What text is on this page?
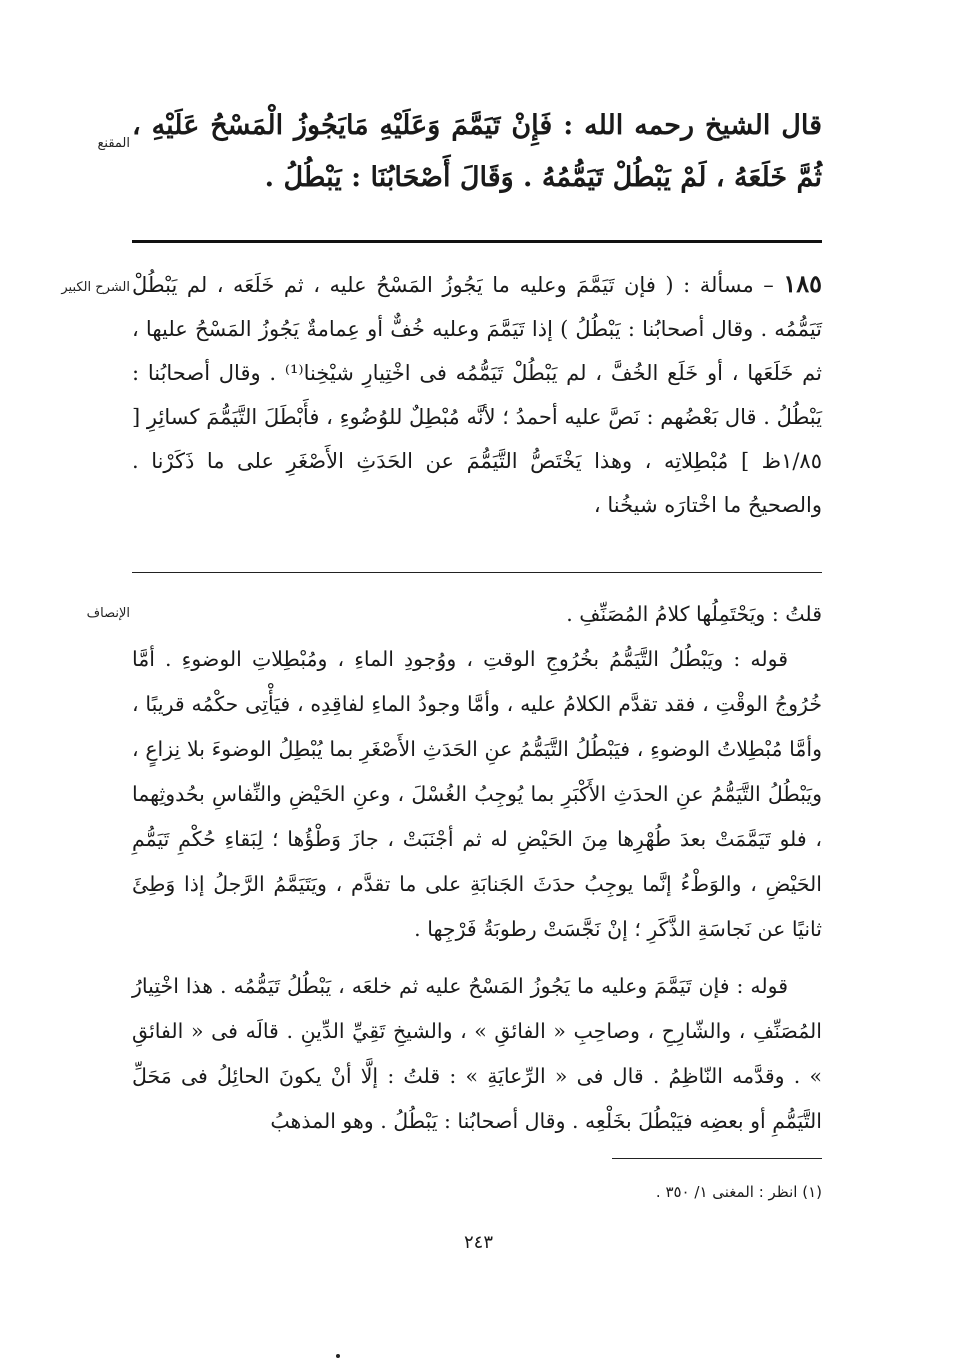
المقنع
قال الشيخ رحمه الله : فَإِنْ تَيَمَّمَ وَعَلَيْهِ مَايَجُوزُ الْمَسْحُ عَلَيْهِ ، ثُمَّ خَلَعَهُ ، لَمْ يَبْطُلْ تَيَمُّمُهُ . وَقَالَ أَصْحَابُنَا : يَبْطُلُ .
الشرح الكبير	١٨٥ – مسألة : ( فإن تَيَمَّمَ وعليه ما يَجُوزُ المَسْحُ عليه ، ثم خَلَعَه ، لم يَبْطُلْ تَيَمُّمُه . وقال أصحابُنا : يَبْطُلُ ) إذا تَيَمَّمَ وعليه خُفٌّ أو عِمامةٌ يَجُوزُ المَسْحُ عليها ، ثم خَلَعَها ، أو خَلَع الخُفَّ ، لم يَبْطُلْ تَيَمُّمُه فى اخْتِيارِ شيْخِنا⁽¹⁾ . وقال أصحابُنا : يَبْطُلُ . قال بَعْضُهم : نَصَّ عليه أحمدُ ؛ لأنَّه مُبْطِلٌ للوُضُوءِ ، فأَبْطَلَ التَّيَمُّمَ كسائِرِ [ ١/٨٥ظ ] مُبْطِلاتِه ، وهذا يَخْتَصُّ التَّيَمُّمَ عن الحَدَثِ الأَصْغَرِ على ما ذَكَرْنا . والصحيحُ ما اخْتارَه شيخُنا ،
الإنصاف	قلتُ : ويَحْتَمِلُها كلامُ المُصَنِّفِ .

قوله : ويَبْطُلُ التَّيَمُّمُ بخُرُوجِ الوقتِ ، ووُجودِ الماءِ ، ومُبْطِلاتِ الوضوءِ . أمَّا خُرُوجُ الوقْتِ ، فقد تقدَّم الكلامُ عليه ، وأمَّا وجودُ الماءِ لفاقِدِه ، فيَأْتِى حكْمُه قريبًا ، وأمَّا مُبْطِلاتُ الوضوءِ ، فيَبْطُلُ التَّيَمُّمُ عنِ الحَدَثِ الأَصْغَرِ بما يُبْطِلُ الوضوءَ بلا نِزاعٍ ، ويَبْطُلُ التَّيَمُّمُ عنِ الحدَثِ الأَكْبَرِ بما يُوجِبُ الغُسْلَ ، وعنِ الحَيْضِ والنِّفاسِ بحُدوثِهما ، فلو تَيَمَّمَتْ بعدَ طُهْرِها مِنَ الحَيْضِ له ثم أجْنَبَتْ ، جازَ وَطْؤُها ؛ لِبَقاءِ حُكْمِ تَيَمُّمِ الحَيْضِ ، والوَطْءُ إنَّما يوجِبُ حدَثَ الجَنابَةِ على ما تقدَّم ، ويَتَيَمَّمُ الرَّجلُ إذا وَطِئَ ثانيًا عن نَجاسَةِ الذَّكَرِ ؛ إنْ نَجَّسَتْ رطوبَةُ فَرْجِها .

قوله : فإن تَيَمَّمَ وعليه ما يَجُوزُ المَسْحُ عليه ثم خلعَه ، يَبْطُلُ تَيَمُّمُه . هذا اخْتِيارُ المُصَنِّفِ ، والشّارِحِ ، وصاحِبِ « الفائقِ » ، والشيخِ تَقِيِّ الدِّينِ . قالَه فى « الفائقِ » . وقدَّمه النّاظِمُ . قال فى « الرِّعايَةِ » : قلتُ : إلَّا أنْ يكونَ الحائِلُ فى مَحَلِّ التَّيَمُّمِ أو بعضِه فيَبْطُلَ بخَلْعِه . وقال أصحابُنا : يَبْطُلُ . وهو المذهبُ

(١) انظر : المغنى ١/ ٣٥٠ .
٢٤٣
